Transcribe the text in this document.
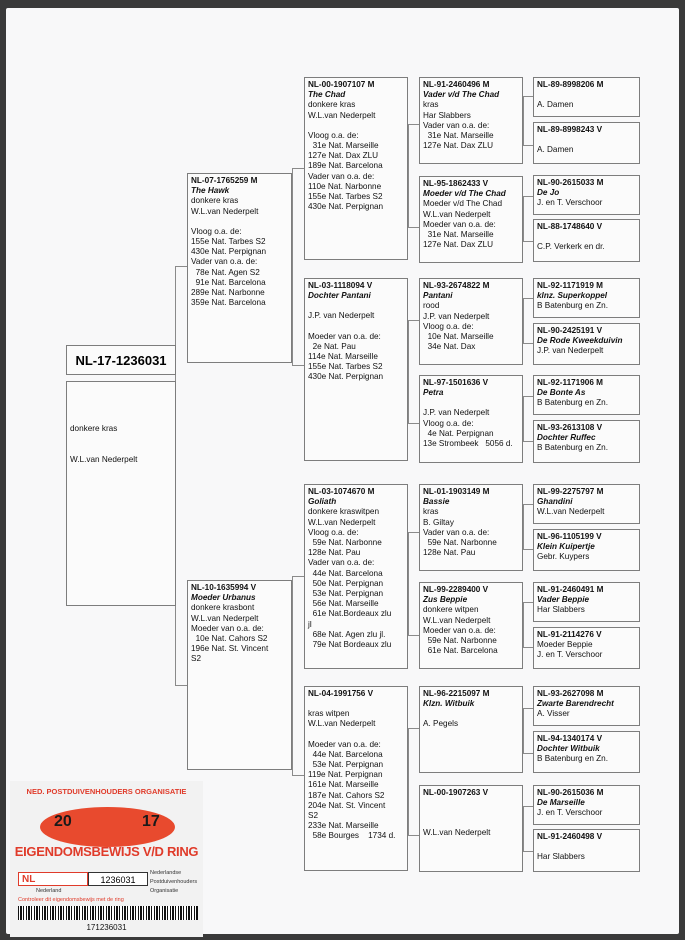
NL-17-1236031

donkere kras

W.L.van Nederpelt

NL-07-1765259 M
The Hawk
donkere kras
W.L.van Nederpelt
Vloog o.a. de:
155e Nat. Tarbes S2
430e Nat. Perpignan
Vader van o.a. de:
78e Nat. Agen S2
91e Nat. Barcelona
289e Nat. Narbonne
359e Nat. Barcelona
NL-10-1635994 V
Moeder Urbanus
donkere krasbont
W.L.van Nederpelt
Moeder van o.a. de:
10e Nat. Cahors S2
196e Nat. St. Vincent
S2
NL-00-1907107 M
The Chad
donkere kras
W.L.van Nederpelt
Vloog o.a. de:
31e Nat. Marseille
127e Nat. Dax ZLU
189e Nat. Barcelona
Vader van o.a. de:
110e Nat. Narbonne
155e Nat. Tarbes S2
430e Nat. Perpignan
NL-03-1118094 V
Dochter Pantani
J.P. van Nederpelt
Moeder van o.a. de:
2e Nat. Pau
114e Nat. Marseille
155e Nat. Tarbes S2
430e Nat. Perpignan
NL-03-1074670 M
Goliath
donkere kraswitpen
W.L.van Nederpelt
Vloog o.a. de:
59e Nat. Narbonne
128e Nat. Pau
Vader van o.a. de:
44e Nat. Barcelona
50e Nat. Perpignan
53e Nat. Perpignan
56e Nat. Marseille
61e Nat.Bordeaux zlu
jl
68e Nat. Agen zlu jl.
79e Nat Bordeaux zlu
NL-04-1991756 V
kras witpen
W.L.van Nederpelt
Moeder van o.a. de:
44e Nat. Barcelona
53e Nat. Perpignan
119e Nat. Perpignan
161e Nat. Marseille
187e Nat. Cahors S2
204e Nat. St. Vincent
S2
233e Nat. Marseille
58e Bourges    1734 d.
NL-91-2460496 M
Vader v/d The Chad
kras
Har Slabbers
Vader van o.a. de:
31e Nat. Marseille
127e Nat. Dax ZLU
NL-95-1862433 V
Moeder v/d The Chad
Moeder v/d The Chad
W.L.van Nederpelt
Moeder van o.a. de:
31e Nat. Marseille
127e Nat. Dax ZLU
NL-93-2674822 M
Pantani
rood
J.P. van Nederpelt
Vloog o.a. de:
10e Nat. Marseille
34e Nat. Dax
NL-97-1501636 V
Petra
J.P. van Nederpelt
Vloog o.a. de:
4e Nat. Perpignan
13e Strombeek   5056 d.
NL-01-1903149 M
Bassie
kras
B. Giltay
Vader van o.a. de:
59e Nat. Narbonne
128e Nat. Pau
NL-99-2289400 V
Zus Beppie
donkere witpen
W.L.van Nederpelt
Moeder van o.a. de:
59e Nat. Narbonne
61e Nat. Barcelona
NL-96-2215097 M
Klzn. Witbuik
A. Pegels
NL-00-1907263 V
W.L.van Nederpelt
NL-89-8998206 M
A. Damen
NL-89-8998243 V
A. Damen
NL-90-2615033 M
De Jo
J. en T. Verschoor
NL-88-1748640 V
C.P. Verkerk en dr.
NL-92-1171919 M
klnz. Superkoppel
B Batenburg en Zn.
NL-90-2425191 V
De Rode Kweekduivin
J.P. van Nederpelt
NL-92-1171906 M
De Bonte As
B Batenburg en Zn.
NL-93-2613108 V
Dochter Ruffec
B Batenburg en Zn.
NL-99-2275797 M
Ghandini
W.L.van Nederpelt
NL-96-1105199 V
Klein Kuipertje
Gebr. Kuypers
NL-91-2460491 M
Vader Beppie
Har Slabbers
NL-91-2114276 V
Moeder Beppie
J. en T. Verschoor
NL-93-2627098 M
Zwarte Barendrecht
A. Visser
NL-94-1340174 V
Dochter Witbuik
B Batenburg en Zn.
NL-90-2615036 M
De Marseille
J. en T. Verschoor
NL-91-2460498 V
Har Slabbers
NED. POSTDUIVENHOUDERS ORGANISATIE
20	17
EIGENDOMSBEWIJS V/D RING
NL	1236031
Nederland
Controleer dit eigendomsbewijs met de ring
Nederlandse
Postduivenhouders
Organisatie
171236031
